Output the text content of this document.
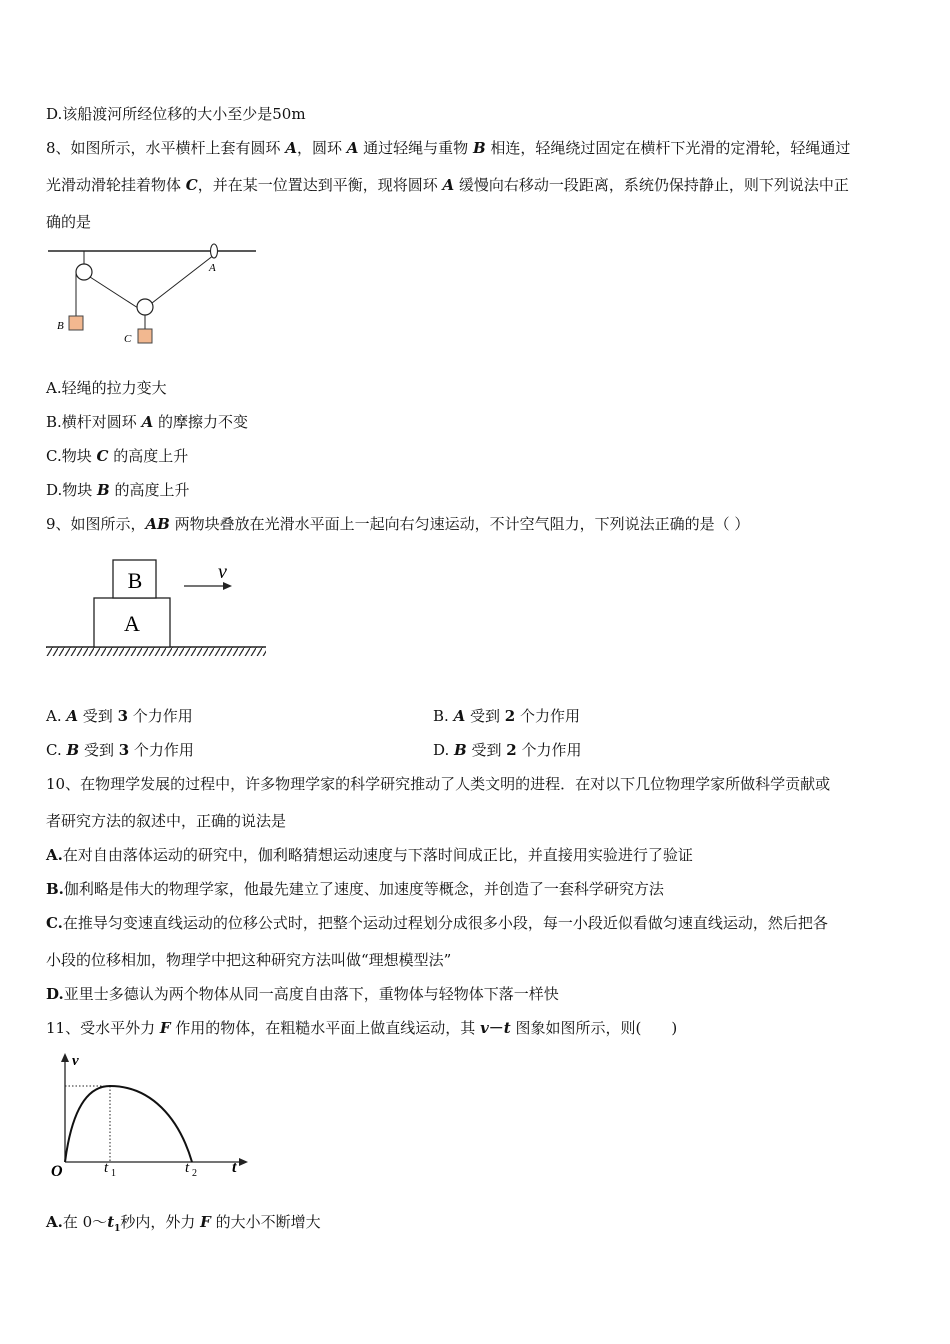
D.该船渡河所经位移的大小至少是50m
8、如图所示，水平横杆上套有圆环 A，圆环 A 通过轻绳与重物 B 相连，轻绳绕过固定在横杆下光滑的定滑轮，轻绳通过
光滑动滑轮挂着物体 C，并在某一位置达到平衡，现将圆环 A 缓慢向右移动一段距离，系统仍保持静止，则下列说法中正
确的是
B
C
A
A.轻绳的拉力变大
B.横杆对圆环 A 的摩擦力不变
C.物块 C 的高度上升
D.物块 B 的高度上升
9、如图所示，AB 两物块叠放在光滑水平面上一起向右匀速运动，不计空气阻力，下列说法正确的是（ ）
A
B	v
A. A 受到 3 个力作用	B. A 受到 2 个力作用
C. B 受到 3 个力作用	D. B 受到 2 个力作用
10、在物理学发展的过程中，许多物理学家的科学研究推动了人类文明的进程．在对以下几位物理学家所做科学贡献或
者研究方法的叙述中，正确的说法是
A.在对自由落体运动的研究中，伽利略猜想运动速度与下落时间成正比，并直接用实验进行了验证
B.伽利略是伟大的物理学家，他最先建立了速度、加速度等概念，并创造了一套科学研究方法
C.在推导匀变速直线运动的位移公式时，把整个运动过程划分成很多小段，每一小段近似看做匀速直线运动，然后把各
小段的位移相加，物理学中把这种研究方法叫做“理想模型法”
D.亚里士多德认为两个物体从同一高度自由落下，重物体与轻物体下落一样快
11、受水平外力 F 作用的物体，在粗糙水平面上做直线运动，其 v－t 图象如图所示，则(　　)
v
O	t 1	t 2 t
A.在 $0\sim t_1$秒内，外力 F 的大小不断增大
